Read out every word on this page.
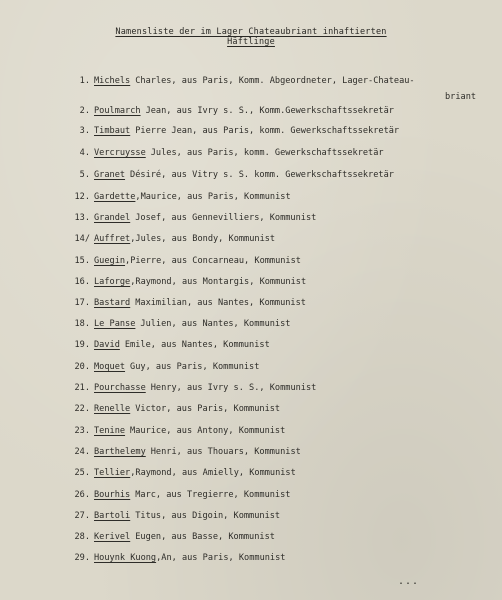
Namensliste der im Lager Chateaubriant inhaftierten
Häftlinge
1. Michels Charles, aus Paris, Komm. Abgeordneter, Lager-Chateau-
2. Poulmarch Jean, aus Ivry s. S., Komm.Gewerkschaftssekretär
3. Timbaut Pierre Jean, aus Paris, komm. Gewerkschaftssekretär
4. Vercruysse Jules, aus Paris, komm. Gewerkschaftssekretär
5. Granet Désiré, aus Vitry s. S. komm. Gewerkschaftssekretär
12. Gardette ,Maurice, aus Paris, Kommunist
13. Grandel Josef, aus Gennevilliers, Kommunist
14/ Auffret ,Jules, aus Bondy, Kommunist
15. Guegin ,Pierre, aus Concarneau, Kommunist
16. Laforge ,Raymond, aus Montargis, Kommunist
17. Bastard Maximilian, aus Nantes, Kommunist
18. Le Panse Julien, aus Nantes, Kommunist
19. David Emile, aus Nantes, Kommunist
20. Moquet Guy, aus Paris, Kommunist
21. Pourchasse Henry, aus Ivry s. S., Kommunist
22. Renelle Victor, aus Paris, Kommunist
23. Tenine Maurice, aus Antony, Kommunist
24. Barthelemy Henri, aus Thouars, Kommunist
25. Tellier ,Raymond, aus Amielly, Kommunist
26. Bourhis Marc, aus Tregierre, Kommunist
27. Bartoli Titus, aus Digoin, Kommunist
28. Kerivel Eugen, aus Basse, Kommunist
29. Houynk Kuong ,An, aus Paris, Kommunist
briant
...
